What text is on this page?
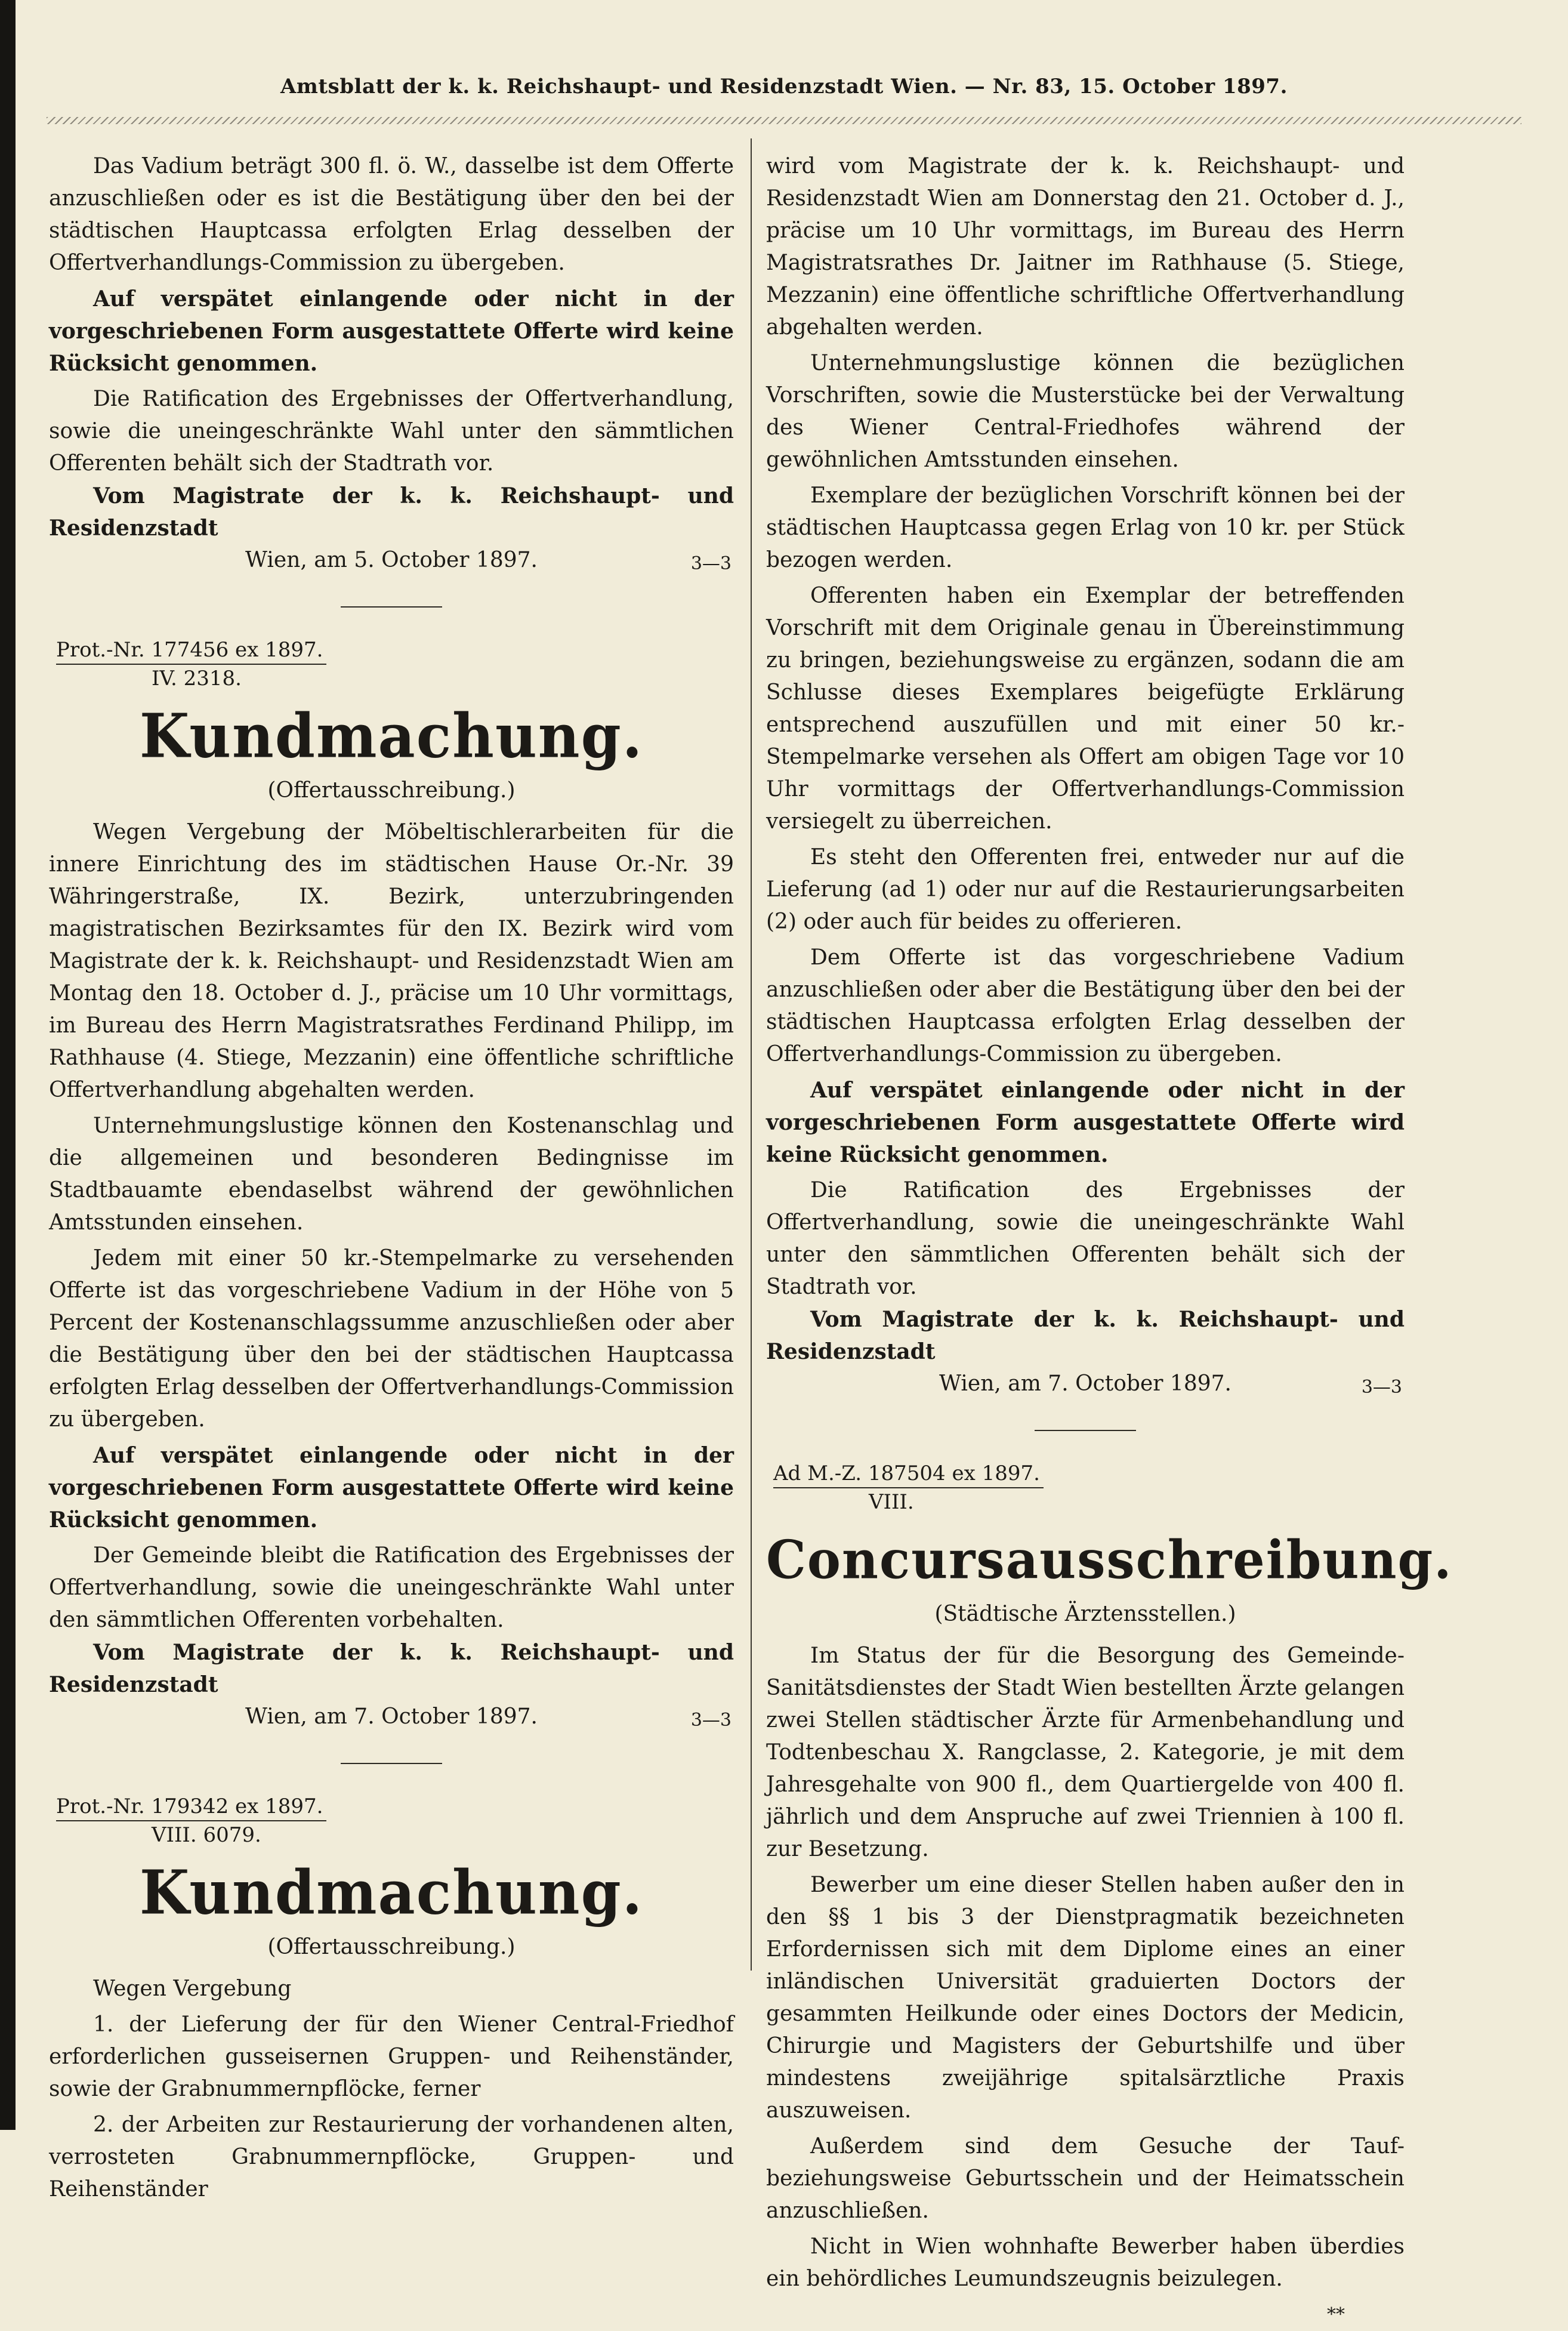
Amtsblatt der k. k. Reichshaupt- und Residenzstadt Wien. — Nr. 83, 15. October 1897.

Das Vadium beträgt 300 fl. ö. W., dasselbe ist dem Offerte anzuschließen oder es ist die Bestätigung über den bei der städtischen Hauptcassa erfolgten Erlag desselben der Offertverhandlungs-Commission zu übergeben.

Auf verspätet einlangende oder nicht in der vorgeschriebenen Form ausgestattete Offerte wird keine Rücksicht genommen.

Die Ratification des Ergebnisses der Offertverhandlung, sowie die uneingeschränkte Wahl unter den sämmtlichen Offerenten behält sich der Stadtrath vor.

Vom Magistrate der k. k. Reichshaupt- und Residenzstadt

Wien, am 5. October 1897.	3—3
Prot.-Nr. 177456 ex 1897.
IV. 2318.
Kundmachung.
(Offertausschreibung.)

Wegen Vergebung der Möbeltischlerarbeiten für die innere Einrichtung des im städtischen Hause Or.-Nr. 39 Währingerstraße, IX. Bezirk, unterzubringenden magistratischen Bezirksamtes für den IX. Bezirk wird vom Magistrate der k. k. Reichshaupt- und Residenzstadt Wien am Montag den 18. October d. J., präcise um 10 Uhr vormittags, im Bureau des Herrn Magistratsrathes Ferdinand Philipp, im Rathhause (4. Stiege, Mezzanin) eine öffentliche schriftliche Offertverhandlung abgehalten werden.

Unternehmungslustige können den Kostenanschlag und die allgemeinen und besonderen Bedingnisse im Stadtbauamte ebendaselbst während der gewöhnlichen Amtsstunden einsehen.

Jedem mit einer 50 kr.-Stempelmarke zu versehenden Offerte ist das vorgeschriebene Vadium in der Höhe von 5 Percent der Kostenanschlagssumme anzuschließen oder aber die Bestätigung über den bei der städtischen Hauptcassa erfolgten Erlag desselben der Offertverhandlungs-Commission zu übergeben.

Auf verspätet einlangende oder nicht in der vorgeschriebenen Form ausgestattete Offerte wird keine Rücksicht genommen.

Der Gemeinde bleibt die Ratification des Ergebnisses der Offertverhandlung, sowie die uneingeschränkte Wahl unter den sämmtlichen Offerenten vorbehalten.

Vom Magistrate der k. k. Reichshaupt- und Residenzstadt

Wien, am 7. October 1897.	3—3
Prot.-Nr. 179342 ex 1897.
VIII. 6079.
Kundmachung.
(Offertausschreibung.)

Wegen Vergebung

1. der Lieferung der für den Wiener Central-Friedhof erforderlichen gusseisernen Gruppen- und Reihenständer, sowie der Grabnummernpflöcke, ferner

2. der Arbeiten zur Restaurierung der vorhandenen alten, verrosteten Grabnummernpflöcke, Gruppen- und Reihenständer

wird vom Magistrate der k. k. Reichshaupt- und Residenzstadt Wien am Donnerstag den 21. October d. J., präcise um 10 Uhr vormittags, im Bureau des Herrn Magistratsrathes Dr. Jaitner im Rathhause (5. Stiege, Mezzanin) eine öffentliche schriftliche Offertverhandlung abgehalten werden.

Unternehmungslustige können die bezüglichen Vorschriften, sowie die Musterstücke bei der Verwaltung des Wiener Central-Friedhofes während der gewöhnlichen Amtsstunden einsehen.

Exemplare der bezüglichen Vorschrift können bei der städtischen Hauptcassa gegen Erlag von 10 kr. per Stück bezogen werden.

Offerenten haben ein Exemplar der betreffenden Vorschrift mit dem Originale genau in Übereinstimmung zu bringen, beziehungsweise zu ergänzen, sodann die am Schlusse dieses Exemplares beigefügte Erklärung entsprechend auszufüllen und mit einer 50 kr.-Stempelmarke versehen als Offert am obigen Tage vor 10 Uhr vormittags der Offertverhandlungs-Commission versiegelt zu überreichen.

Es steht den Offerenten frei, entweder nur auf die Lieferung (ad 1) oder nur auf die Restaurierungsarbeiten (2) oder auch für beides zu offerieren.

Dem Offerte ist das vorgeschriebene Vadium anzuschließen oder aber die Bestätigung über den bei der städtischen Hauptcassa erfolgten Erlag desselben der Offertverhandlungs-Commission zu übergeben.

Auf verspätet einlangende oder nicht in der vorgeschriebenen Form ausgestattete Offerte wird keine Rücksicht genommen.

Die Ratification des Ergebnisses der Offertverhandlung, sowie die uneingeschränkte Wahl unter den sämmtlichen Offerenten behält sich der Stadtrath vor.

Vom Magistrate der k. k. Reichshaupt- und Residenzstadt

Wien, am 7. October 1897.	3—3
Ad M.-Z. 187504 ex 1897.
VIII.
Concursausschreibung.
(Städtische Ärztensstellen.)

Im Status der für die Besorgung des Gemeinde-Sanitätsdienstes der Stadt Wien bestellten Ärzte gelangen zwei Stellen städtischer Ärzte für Armenbehandlung und Todtenbeschau X. Rangclasse, 2. Kategorie, je mit dem Jahresgehalte von 900 fl., dem Quartiergelde von 400 fl. jährlich und dem Anspruche auf zwei Triennien à 100 fl. zur Besetzung.

Bewerber um eine dieser Stellen haben außer den in den §§ 1 bis 3 der Dienstpragmatik bezeichneten Erfordernissen sich mit dem Diplome eines an einer inländischen Universität graduierten Doctors der gesammten Heilkunde oder eines Doctors der Medicin, Chirurgie und Magisters der Geburtshilfe und über mindestens zweijährige spitalsärztliche Praxis auszuweisen.

Außerdem sind dem Gesuche der Tauf- beziehungsweise Geburtsschein und der Heimatsschein anzuschließen.

Nicht in Wien wohnhafte Bewerber haben überdies ein behördliches Leumundszeugnis beizulegen.

**
